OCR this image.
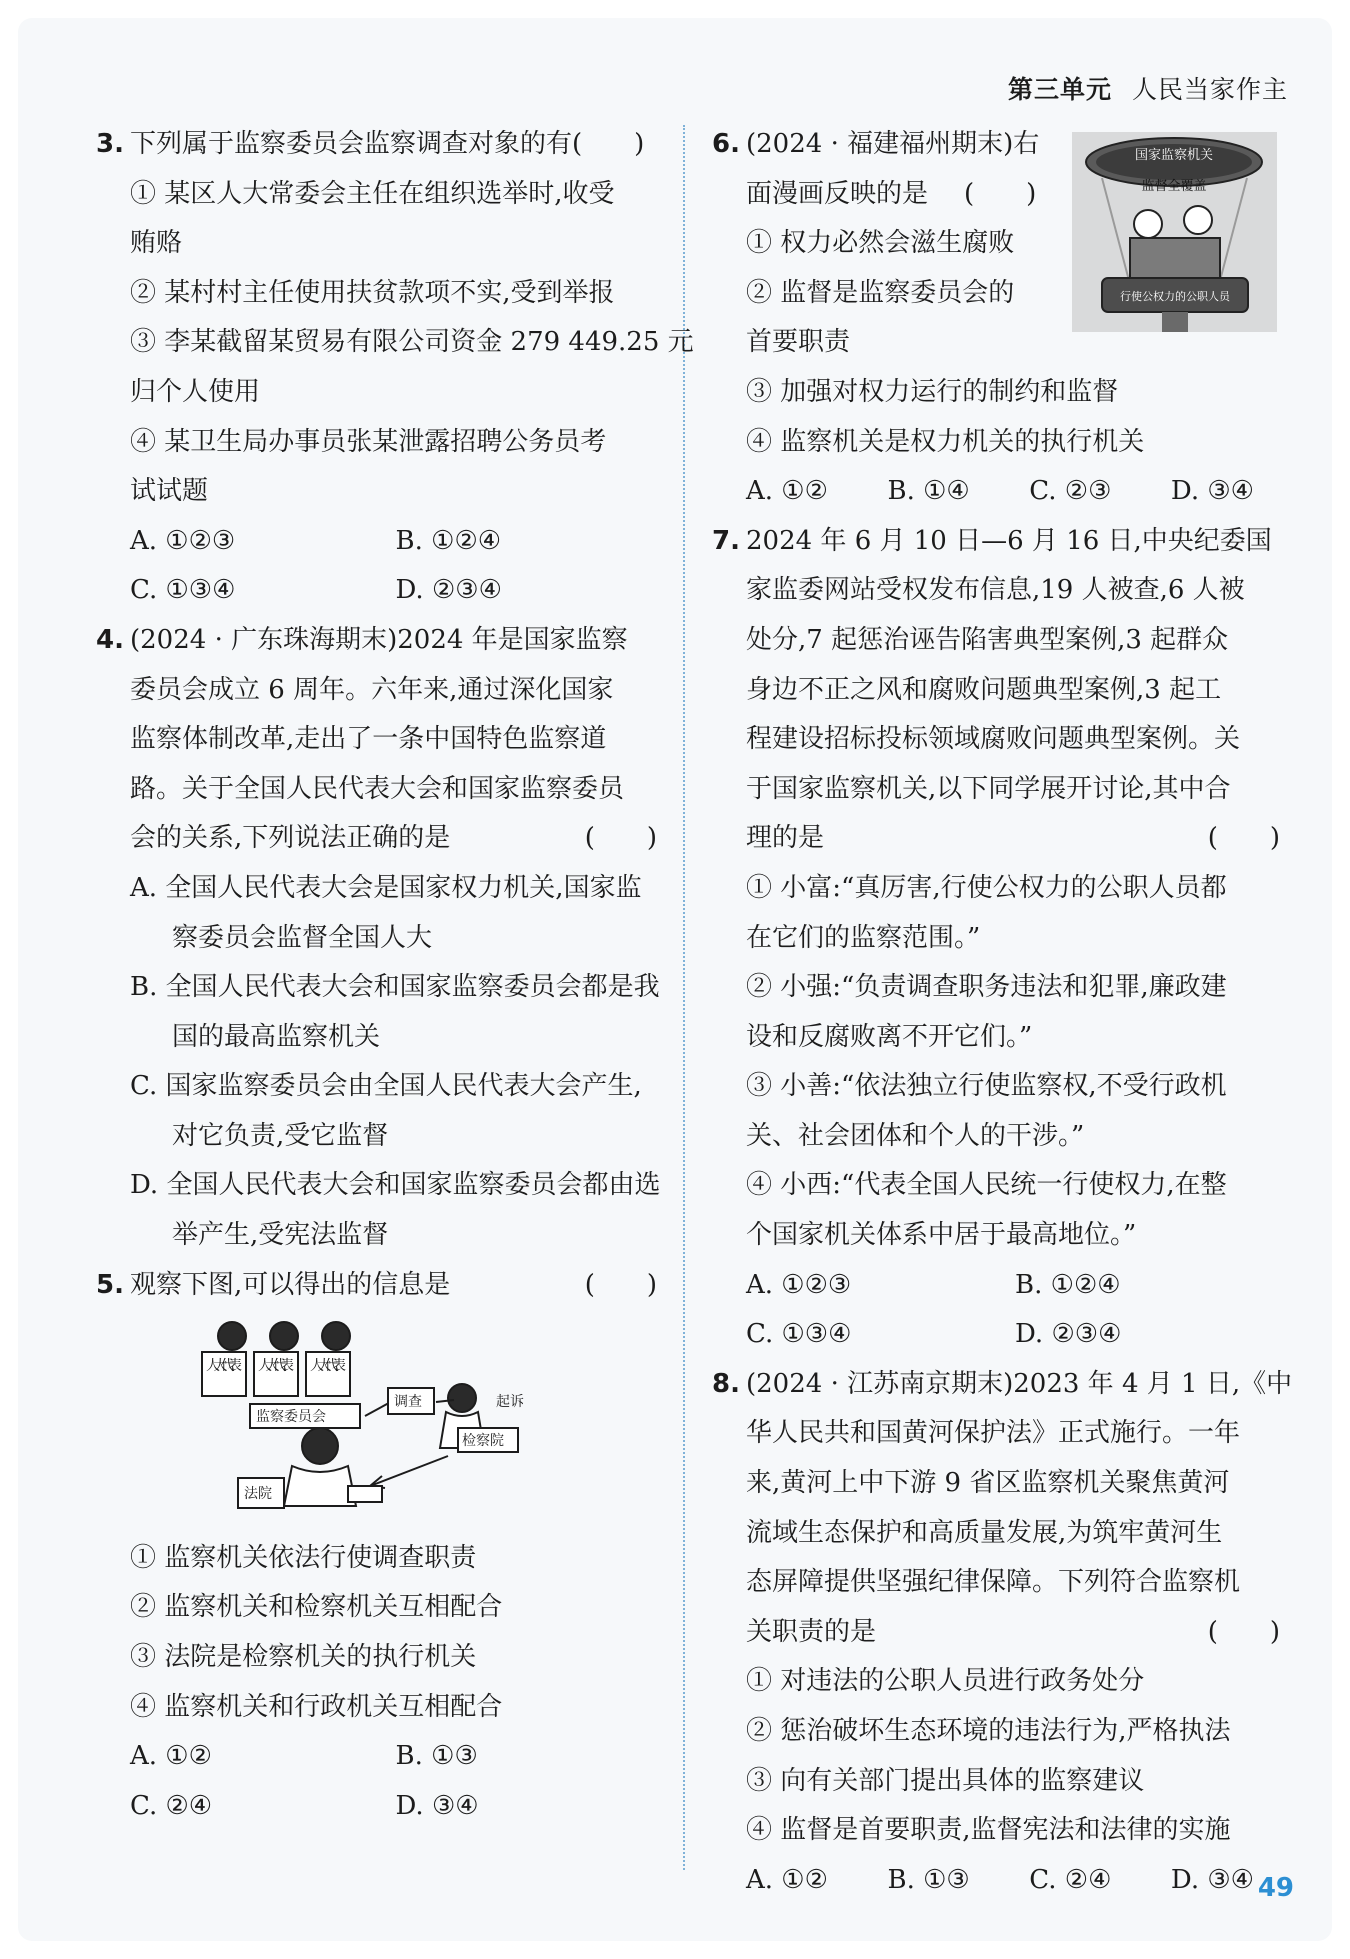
第三单元 人民当家作主
3. 下列属于监察委员会监察调查对象的有(　　)
① 某区人大常委会主任在组织选举时,收受
贿赂
② 某村村主任使用扶贫款项不实,受到举报
③ 李某截留某贸易有限公司资金 279 449.25 元
归个人使用
④ 某卫生局办事员张某泄露招聘公务员考
试试题
A. ①②③	B. ①②④
C. ①③④	D. ②③④
4. (2024 · 广东珠海期末)2024 年是国家监察
委员会成立 6 周年。六年来,通过深化国家
监察体制改革,走出了一条中国特色监察道
路。关于全国人民代表大会和国家监察委员
会的关系,下列说法正确的是	(　　)
A. 全国人民代表大会是国家权力机关,国家监察委员会监督全国人大
B. 全国人民代表大会和国家监察委员会都是我国的最高监察机关
C. 国家监察委员会由全国人民代表大会产生,对它负责,受它监督
D. 全国人民代表大会和国家监察委员会都由选举产生,受宪法监督
5. 观察下图,可以得出的信息是	(　　)
人大代表 人大代表 人大代表
监察委员会
调查	起诉
检察院
法院
① 监察机关依法行使调查职责
② 监察机关和检察机关互相配合
③ 法院是检察机关的执行机关
④ 监察机关和行政机关互相配合
A. ①②	B. ①③
C. ②④	D. ③④
国家监察机关
监督全覆盖
行使公权力的公职人员
6. (2024 · 福建福州期末)右
面漫画反映的是 (　　)
① 权力必然会滋生腐败
② 监督是监察委员会的
首要职责
③ 加强对权力运行的制约和监督
④ 监察机关是权力机关的执行机关
A. ①② B. ①④ C. ②③ D. ③④
7. 2024 年 6 月 10 日—6 月 16 日,中央纪委国
家监委网站受权发布信息,19 人被查,6 人被
处分,7 起惩治诬告陷害典型案例,3 起群众
身边不正之风和腐败问题典型案例,3 起工
程建设招标投标领域腐败问题典型案例。关
于国家监察机关,以下同学展开讨论,其中合
理的是	(　　)
① 小富:“真厉害,行使公权力的公职人员都
在它们的监察范围。”
② 小强:“负责调查职务违法和犯罪,廉政建
设和反腐败离不开它们。”
③ 小善:“依法独立行使监察权,不受行政机
关、社会团体和个人的干涉。”
④ 小西:“代表全国人民统一行使权力,在整
个国家机关体系中居于最高地位。”
A. ①②③	B. ①②④
C. ①③④	D. ②③④
8. (2024 · 江苏南京期末)2023 年 4 月 1 日,《中
华人民共和国黄河保护法》正式施行。一年
来,黄河上中下游 9 省区监察机关聚焦黄河
流域生态保护和高质量发展,为筑牢黄河生
态屏障提供坚强纪律保障。下列符合监察机
关职责的是	(　　)
① 对违法的公职人员进行政务处分
② 惩治破坏生态环境的违法行为,严格执法
③ 向有关部门提出具体的监察建议
④ 监督是首要职责,监督宪法和法律的实施
A. ①② B. ①③ C. ②④ D. ③④ 49
